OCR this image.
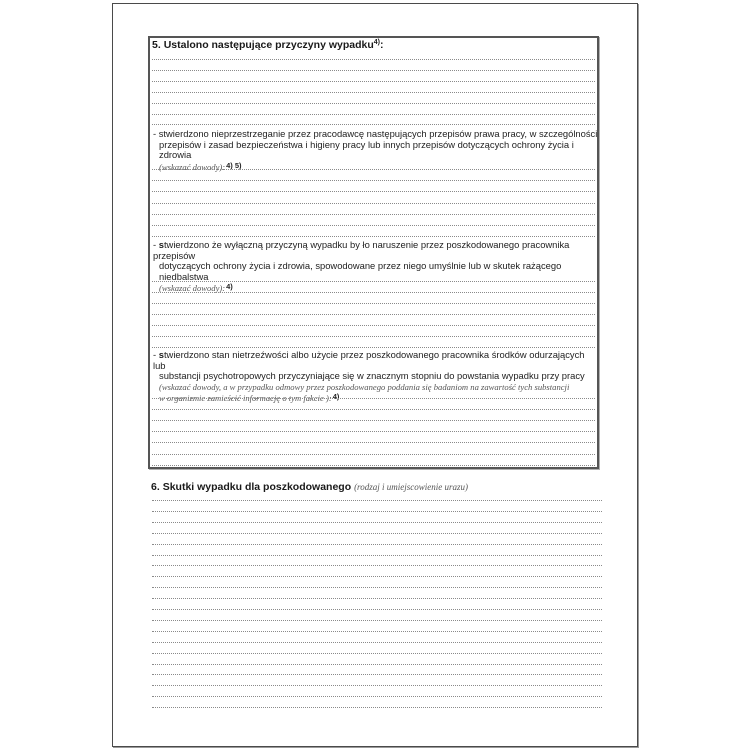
5. Ustalono następujące przyczyny wypadku$^{4)}$:
- stwierdzono nieprzestrzeganie przez pracodawcę następujących przepisów prawa pracy, w szczególności
przepisów i zasad bezpieczeństwa i higieny pracy lub innych przepisów dotyczących ochrony życia i zdrowia
(wskazać dowody):$^{4) 5)}$
- stwierdzono że wyłączną przyczyną wypadku by ło naruszenie przez poszkodowanego pracownika przepisów
dotyczących ochrony życia i zdrowia, spowodowane przez niego umyślnie lub w skutek rażącego niedbalstwa
(wskazać dowody):$^{4)}$
- stwierdzono stan nietrzeźwości albo użycie przez poszkodowanego pracownika środków odurzających lub
substancji psychotropowych przyczyniające się w znacznym stopniu do powstania wypadku przy pracy
(wskazać dowody, a w przypadku odmowy przez poszkodowanego poddania się badaniom na zawartość tych substancji
w organizmie zamieścić informację o tym fakcie ):$^{4)}$
6. Skutki wypadku dla poszkodowanego (rodzaj i umiejscowienie urazu)
